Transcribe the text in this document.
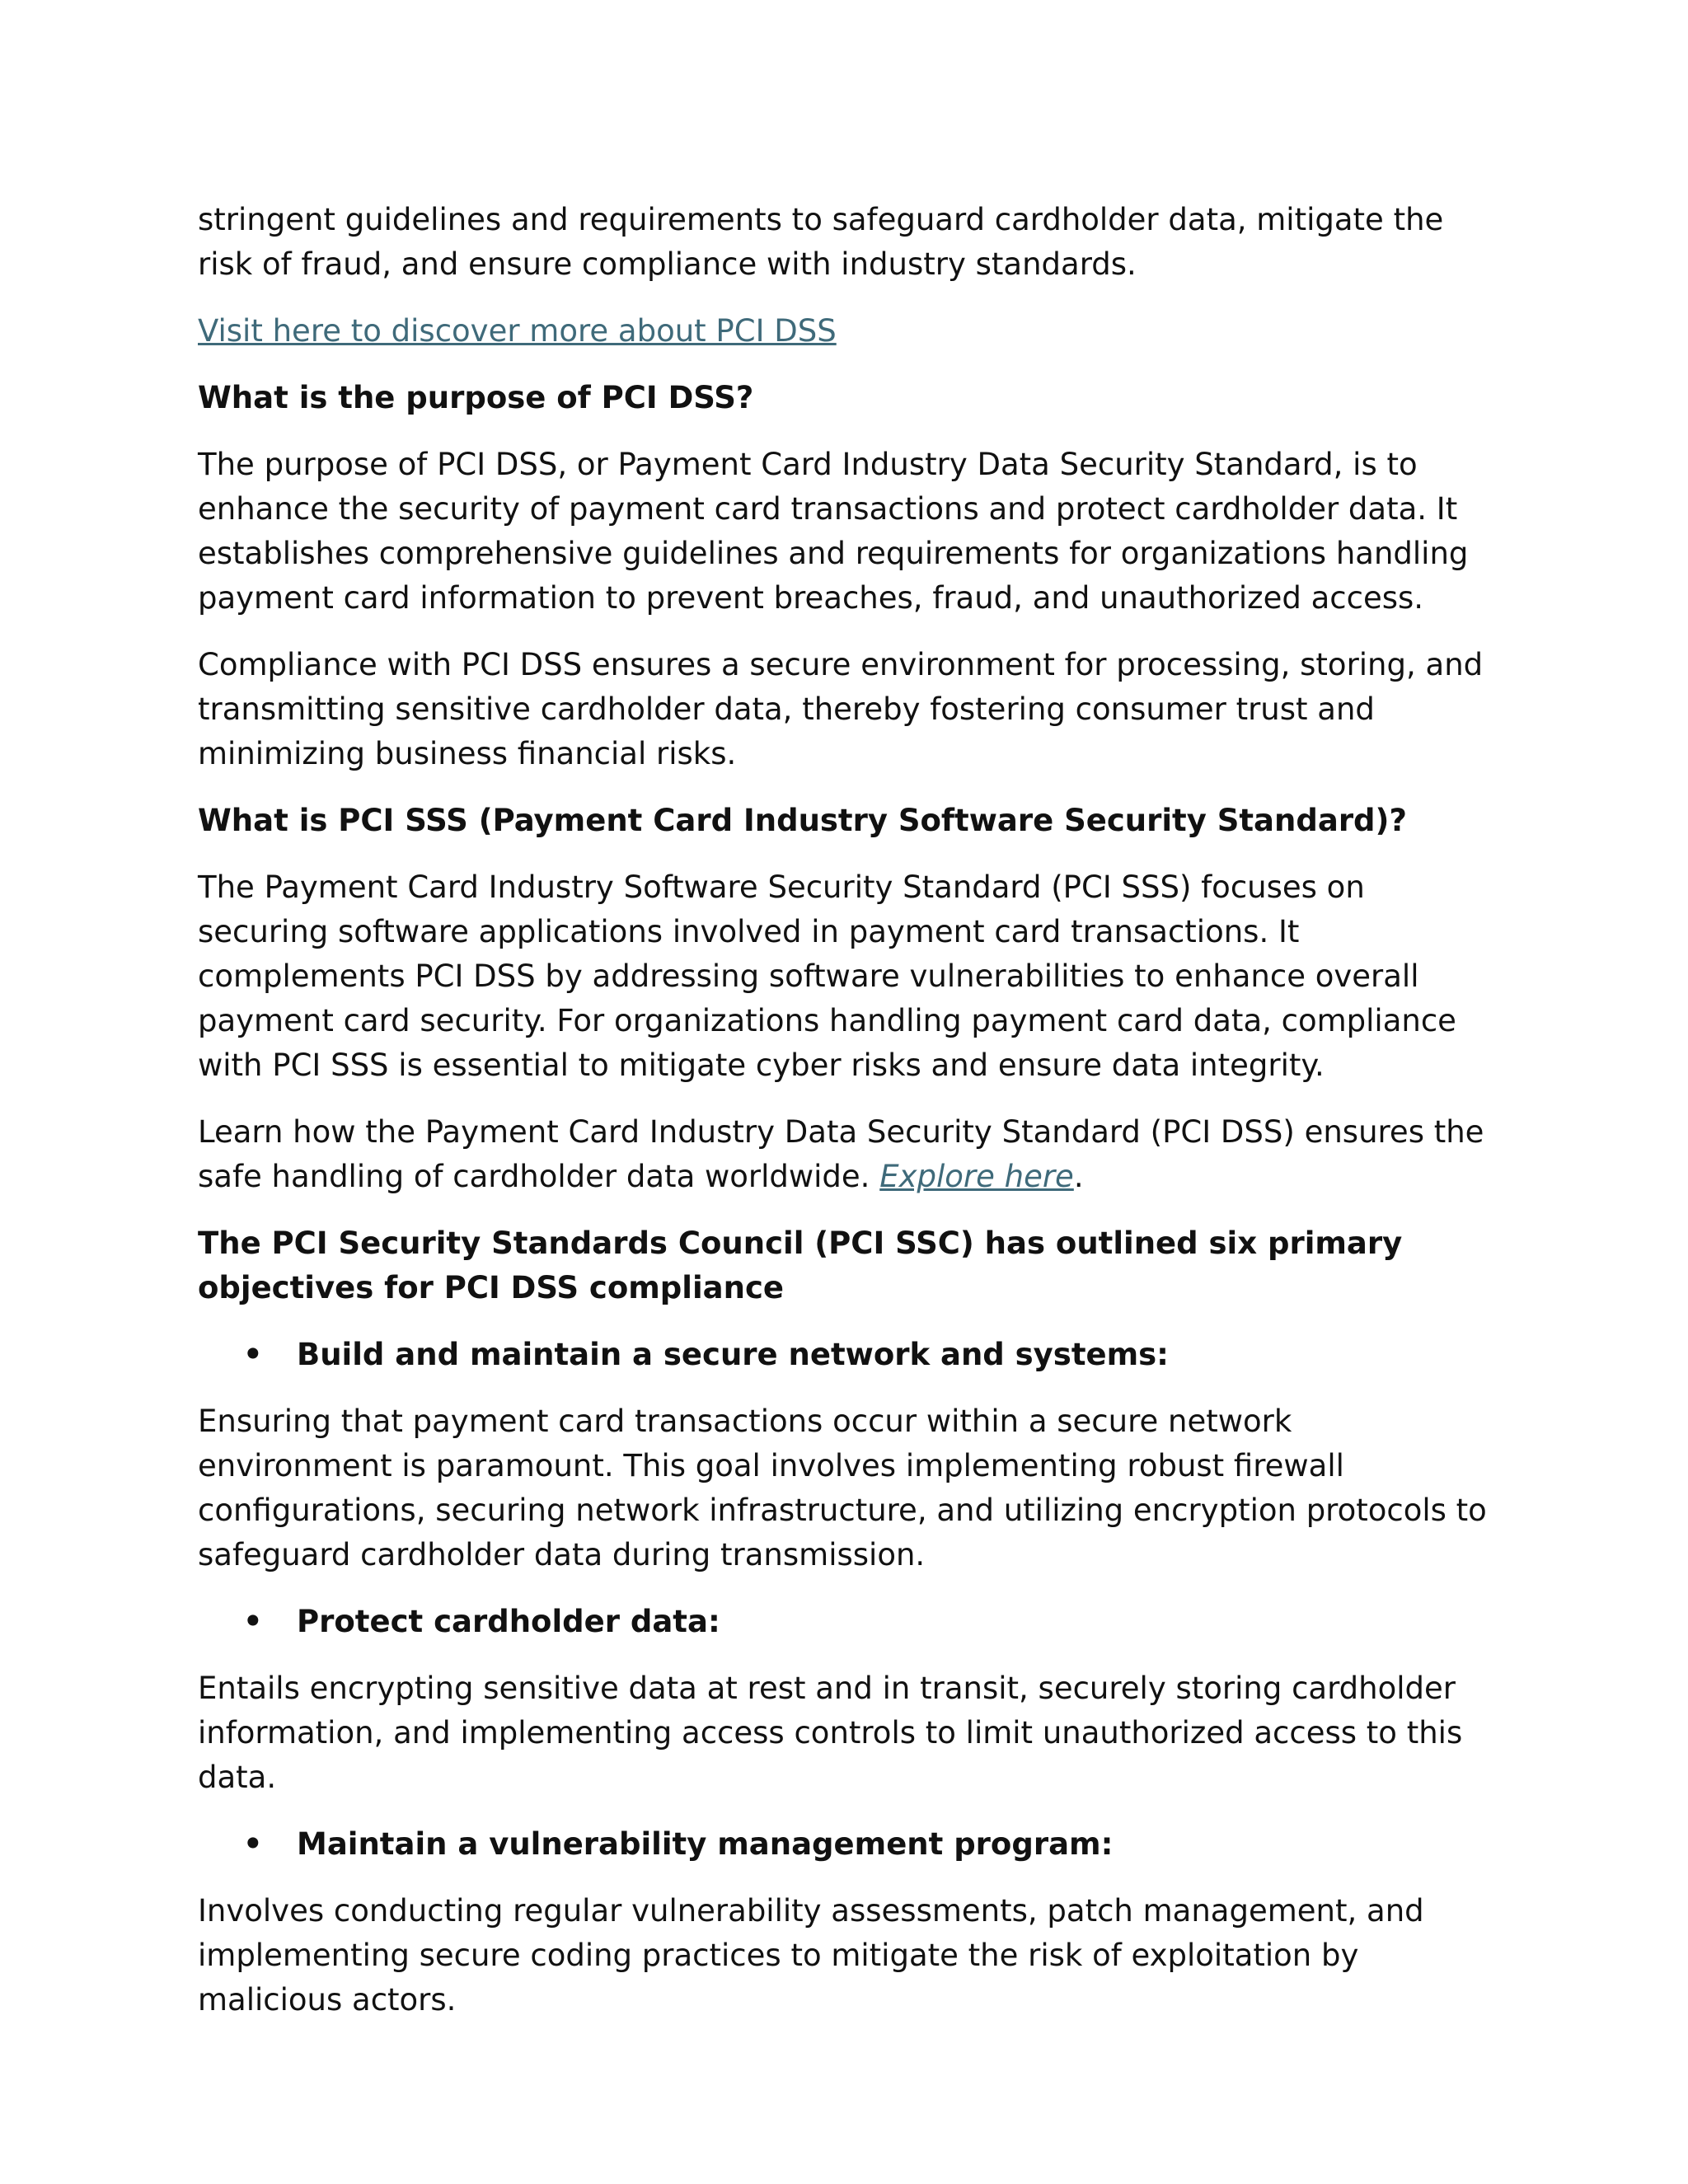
stringent guidelines and requirements to safeguard cardholder data, mitigate the risk of fraud, and ensure compliance with industry standards.

Visit here to discover more about PCI DSS

What is the purpose of PCI DSS?

The purpose of PCI DSS, or Payment Card Industry Data Security Standard, is to enhance the security of payment card transactions and protect cardholder data. It establishes comprehensive guidelines and requirements for organizations handling payment card information to prevent breaches, fraud, and unauthorized access.

Compliance with PCI DSS ensures a secure environment for processing, storing, and transmitting sensitive cardholder data, thereby fostering consumer trust and minimizing business financial risks.

What is PCI SSS (Payment Card Industry Software Security Standard)?

The Payment Card Industry Software Security Standard (PCI SSS) focuses on securing software applications involved in payment card transactions. It complements PCI DSS by addressing software vulnerabilities to enhance overall payment card security. For organizations handling payment card data, compliance with PCI SSS is essential to mitigate cyber risks and ensure data integrity.

Learn how the Payment Card Industry Data Security Standard (PCI DSS) ensures the safe handling of cardholder data worldwide. Explore here.

The PCI Security Standards Council (PCI SSC) has outlined six primary objectives for PCI DSS compliance

•	Build and maintain a secure network and systems:

Ensuring that payment card transactions occur within a secure network environment is paramount. This goal involves implementing robust firewall configurations, securing network infrastructure, and utilizing encryption protocols to safeguard cardholder data during transmission.

•	Protect cardholder data:

Entails encrypting sensitive data at rest and in transit, securely storing cardholder information, and implementing access controls to limit unauthorized access to this data.

•	Maintain a vulnerability management program:

Involves conducting regular vulnerability assessments, patch management, and implementing secure coding practices to mitigate the risk of exploitation by malicious actors.
